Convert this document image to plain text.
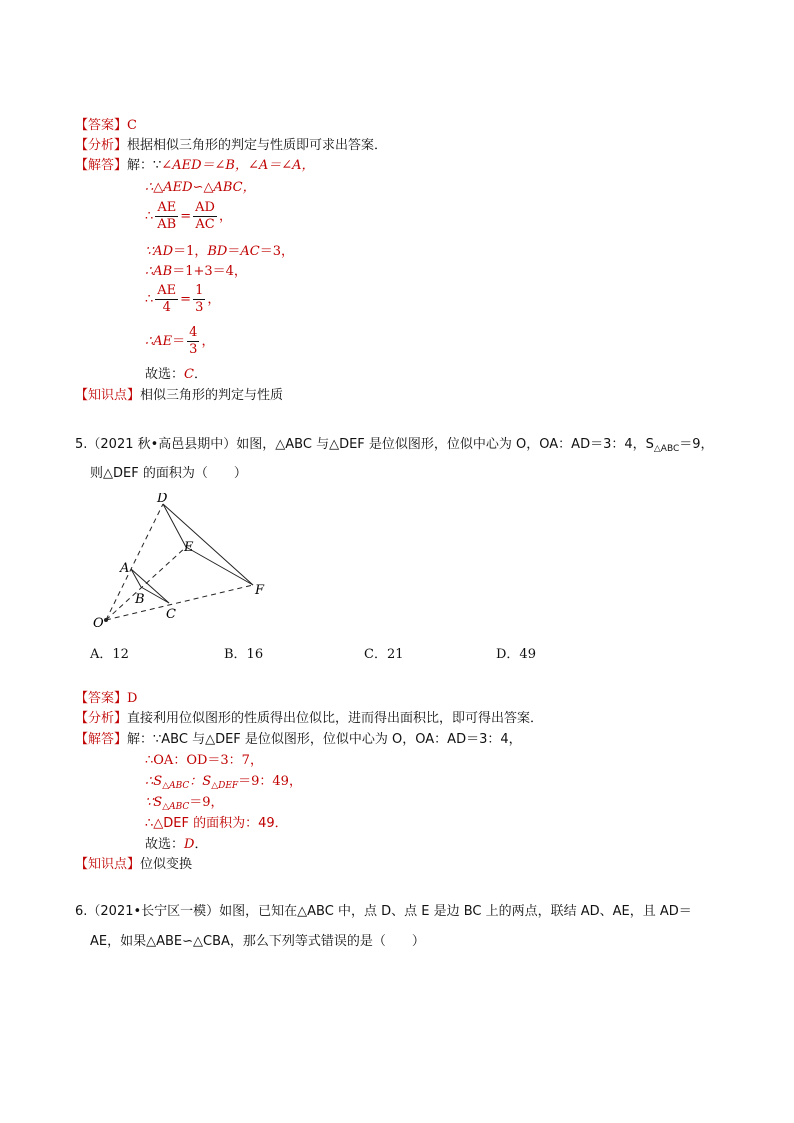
【答案】C
【分析】根据相似三角形的判定与性质即可求出答案．
【解答】解：∵∠AED＝∠B，∠A＝∠A，
∴△AED∽△ABC，
∴ $\frac{AE}{AB} = \frac{AD}{AC}$ ，
∵AD＝1，BD＝AC＝3，
∴AB＝1+3＝4，
∴ $\frac{AE}{4} = \frac{1}{3}$ ，
∴AE＝ $\frac{4}{3}$ ，
故选：C．
【知识点】相似三角形的判定与性质
5.（2021 秋•高邑县期中）如图，△ABC 与△DEF 是位似图形，位似中心为 O，OA：AD＝3：4，$S_{\triangle ABC}=9$，
则△DEF 的面积为（　　）
D
E
A
B
C
F
O
A．12	B．16	C．21	D．49
【答案】D
【分析】直接利用位似图形的性质得出位似比，进而得出面积比，即可得出答案．
【解答】解：∵ABC 与△DEF 是位似图形，位似中心为 O，OA：AD＝3：4，
∴OA：OD＝3：7，
$\therefore S_{\triangle ABC}$：$S_{\triangle DEF}=9$：49，
$\because S_{\triangle ABC}=9$，
∴△DEF 的面积为：49．
故选：D．
【知识点】位似变换
6.（2021•长宁区一模）如图，已知在△ABC 中，点 D、点 E 是边 BC 上的两点，联结 AD、AE，且 AD＝
AE，如果△ABE∽△CBA，那么下列等式错误的是（　　）
